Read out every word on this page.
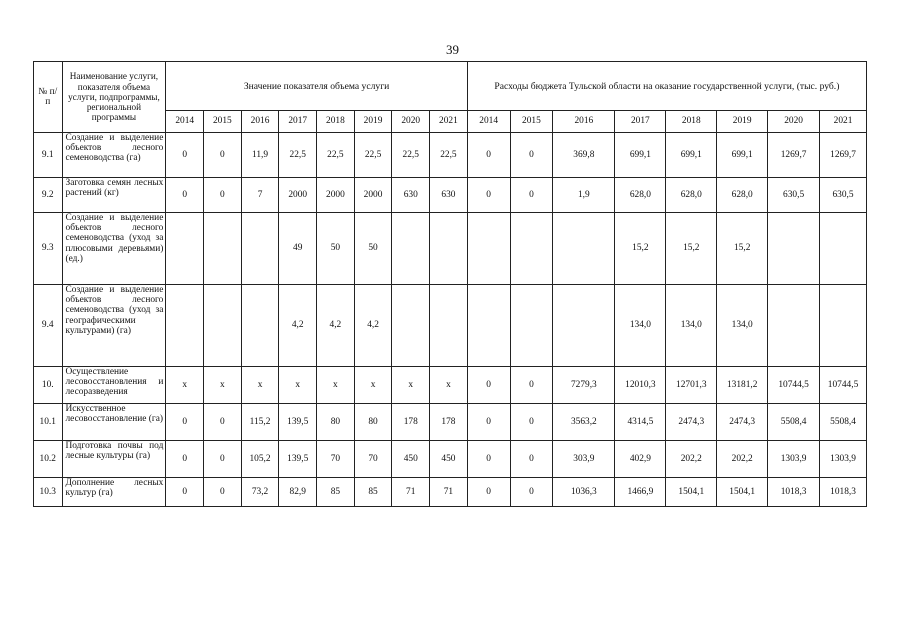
39
№ п/п	Наименование услуги, показателя объема услуги, подпрограммы, региональной программы	Значение показателя объема услуги								Расходы бюджета Тульской области на оказание государственной услуги, (тыс. руб.)							
		2014	2015	2016	2017	2018	2019	2020	2021	2014	2015	2016	2017	2018	2019	2020	2021
9.1	Создание и выделение объектов лесного семеноводства (га)	0	0	11,9	22,5	22,5	22,5	22,5	22,5	0	0	369,8	699,1	699,1	699,1	1269,7	1269,7
9.2	Заготовка семян лесных растений (кг)	0	0	7	2000	2000	2000	630	630	0	0	1,9	628,0	628,0	628,0	630,5	630,5
9.3	Создание и выделение объектов лесного семеноводства (уход за плюсовыми деревьями) (ед.)				49	50	50						15,2	15,2	15,2		
9.4	Создание и выделение объектов лесного семеноводства (уход за географическими культурами) (га)				4,2	4,2	4,2						134,0	134,0	134,0		
10.	Осуществление лесовосстановления и лесоразведения	х	х	х	х	х	х	х	х	0	0	7279,3	12010,3	12701,3	13181,2	10744,5	10744,5
10.1	Искусственное лесовосстановление (га)	0	0	115,2	139,5	80	80	178	178	0	0	3563,2	4314,5	2474,3	2474,3	5508,4	5508,4
10.2	Подготовка почвы под лесные культуры (га)	0	0	105,2	139,5	70	70	450	450	0	0	303,9	402,9	202,2	202,2	1303,9	1303,9
10.3	Дополнение лесных культур (га)	0	0	73,2	82,9	85	85	71	71	0	0	1036,3	1466,9	1504,1	1504,1	1018,3	1018,3
